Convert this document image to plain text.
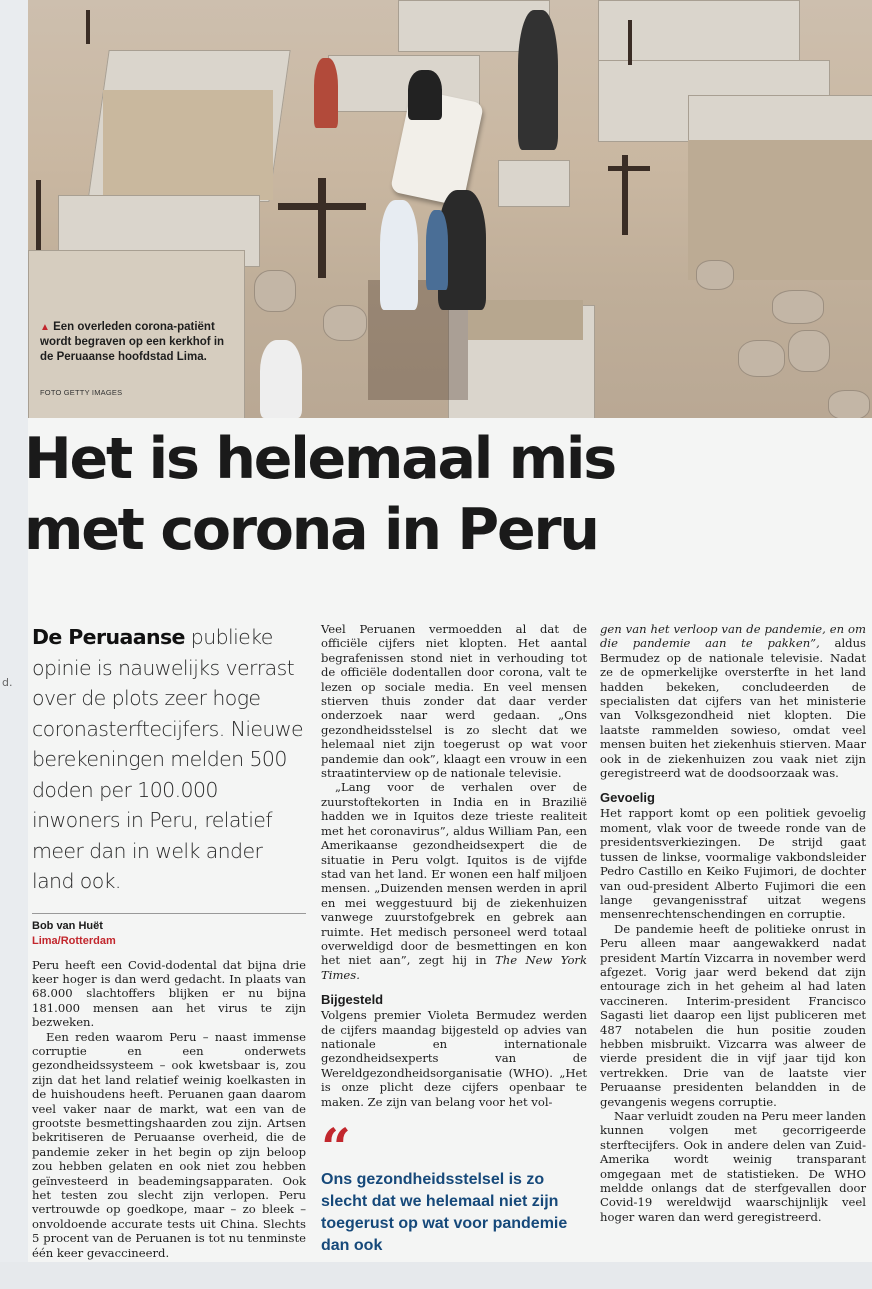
d.
▲ Een overleden corona-patiënt wordt begraven op een kerkhof in de Peruaanse hoofdstad Lima.
FOTO GETTY IMAGES
Het is helemaal mis
met corona in Peru
De Peruaanse publieke opinie is nauwelijks verrast over de plots zeer hoge coronasterftecijfers. Nieuwe berekeningen melden 500 doden per 100.000 inwoners in Peru, relatief meer dan in welk ander land ook.
Bob van Huët
Lima/Rotterdam

Peru heeft een Covid-dodental dat bijna drie keer hoger is dan werd gedacht. In plaats van 68.000 slachtoffers blijken er nu bijna 181.000 mensen aan het virus te zijn bezweken.

Een reden waarom Peru – naast immense corruptie en een onderwets gezondheidssysteem – ook kwetsbaar is, zou zijn dat het land relatief weinig koelkasten in de huishoudens heeft. Peruanen gaan daarom veel vaker naar de markt, wat een van de grootste besmettingshaarden zou zijn. Artsen bekritiseren de Peruaanse overheid, die de pandemie zeker in het begin op zijn beloop zou hebben gelaten en ook niet zou hebben geïnvesteerd in beademingsapparaten. Ook het testen zou slecht zijn verlopen. Peru vertrouwde op goedkope, maar – zo bleek – onvoldoende accurate tests uit China. Slechts 5 procent van de Peruanen is tot nu tenminste één keer gevaccineerd.

Veel Peruanen vermoedden al dat de officiële cijfers niet klopten. Het aantal begrafenissen stond niet in verhouding tot de officiële dodentallen door corona, valt te lezen op sociale media. En veel mensen stierven thuis zonder dat daar verder onderzoek naar werd gedaan. „Ons gezondheidsstelsel is zo slecht dat we helemaal niet zijn toegerust op wat voor pandemie dan ook”, klaagt een vrouw in een straatinterview op de nationale televisie.

„Lang voor de verhalen over de zuurstoftekorten in India en in Brazilië hadden we in Iquitos deze trieste realiteit met het coronavirus”, aldus William Pan, een Amerikaanse gezondheidsexpert die de situatie in Peru volgt. Iquitos is de vijfde stad van het land. Er wonen een half miljoen mensen. „Duizenden mensen werden in april en mei weggestuurd bij de ziekenhuizen vanwege zuurstofgebrek en gebrek aan ruimte. Het medisch personeel werd totaal overweldigd door de besmettingen en kon het niet aan”, zegt hij in The New York Times.

Bijgesteld

Volgens premier Violeta Bermudez werden de cijfers maandag bijgesteld op advies van nationale en internationale gezondheidsexperts van de Wereldgezondheidsorganisatie (WHO). „Het is onze plicht deze cijfers openbaar te maken. Ze zijn van belang voor het vol-

“
Ons gezondheidsstelsel is zo slecht dat we helemaal niet zijn toegerust op wat voor pandemie dan ook

gen van het verloop van de pandemie, en om die pandemie aan te pakken”, aldus Bermudez op de nationale televisie. Nadat ze de opmerkelijke oversterfte in het land hadden bekeken, concludeerden de specialisten dat cijfers van het ministerie van Volksgezondheid niet klopten. Die laatste rammelden sowieso, omdat veel mensen buiten het ziekenhuis stierven. Maar ook in de ziekenhuizen zou vaak niet zijn geregistreerd wat de doodsoorzaak was.

Gevoelig

Het rapport komt op een politiek gevoelig moment, vlak voor de tweede ronde van de presidentsverkiezingen. De strijd gaat tussen de linkse, voormalige vakbondsleider Pedro Castillo en Keiko Fujimori, de dochter van oud-president Alberto Fujimori die een lange gevangenisstraf uitzat wegens mensenrechtenschendingen en corruptie.

De pandemie heeft de politieke onrust in Peru alleen maar aangewakkerd nadat president Martín Vizcarra in november werd afgezet. Vorig jaar werd bekend dat zijn entourage zich in het geheim al had laten vaccineren. Interim-president Francisco Sagasti liet daarop een lijst publiceren met 487 notabelen die hun positie zouden hebben misbruikt. Vizcarra was alweer de vierde president die in vijf jaar tijd kon vertrekken. Drie van de laatste vier Peruaanse presidenten belandden in de gevangenis wegens corruptie.

Naar verluidt zouden na Peru meer landen kunnen volgen met gecorrigeerde sterftecijfers. Ook in andere delen van Zuid-Amerika wordt weinig transparant omgegaan met de statistieken. De WHO meldde onlangs dat de sterfgevallen door Covid-19 wereldwijd waarschijnlijk veel hoger waren dan werd geregistreerd.
